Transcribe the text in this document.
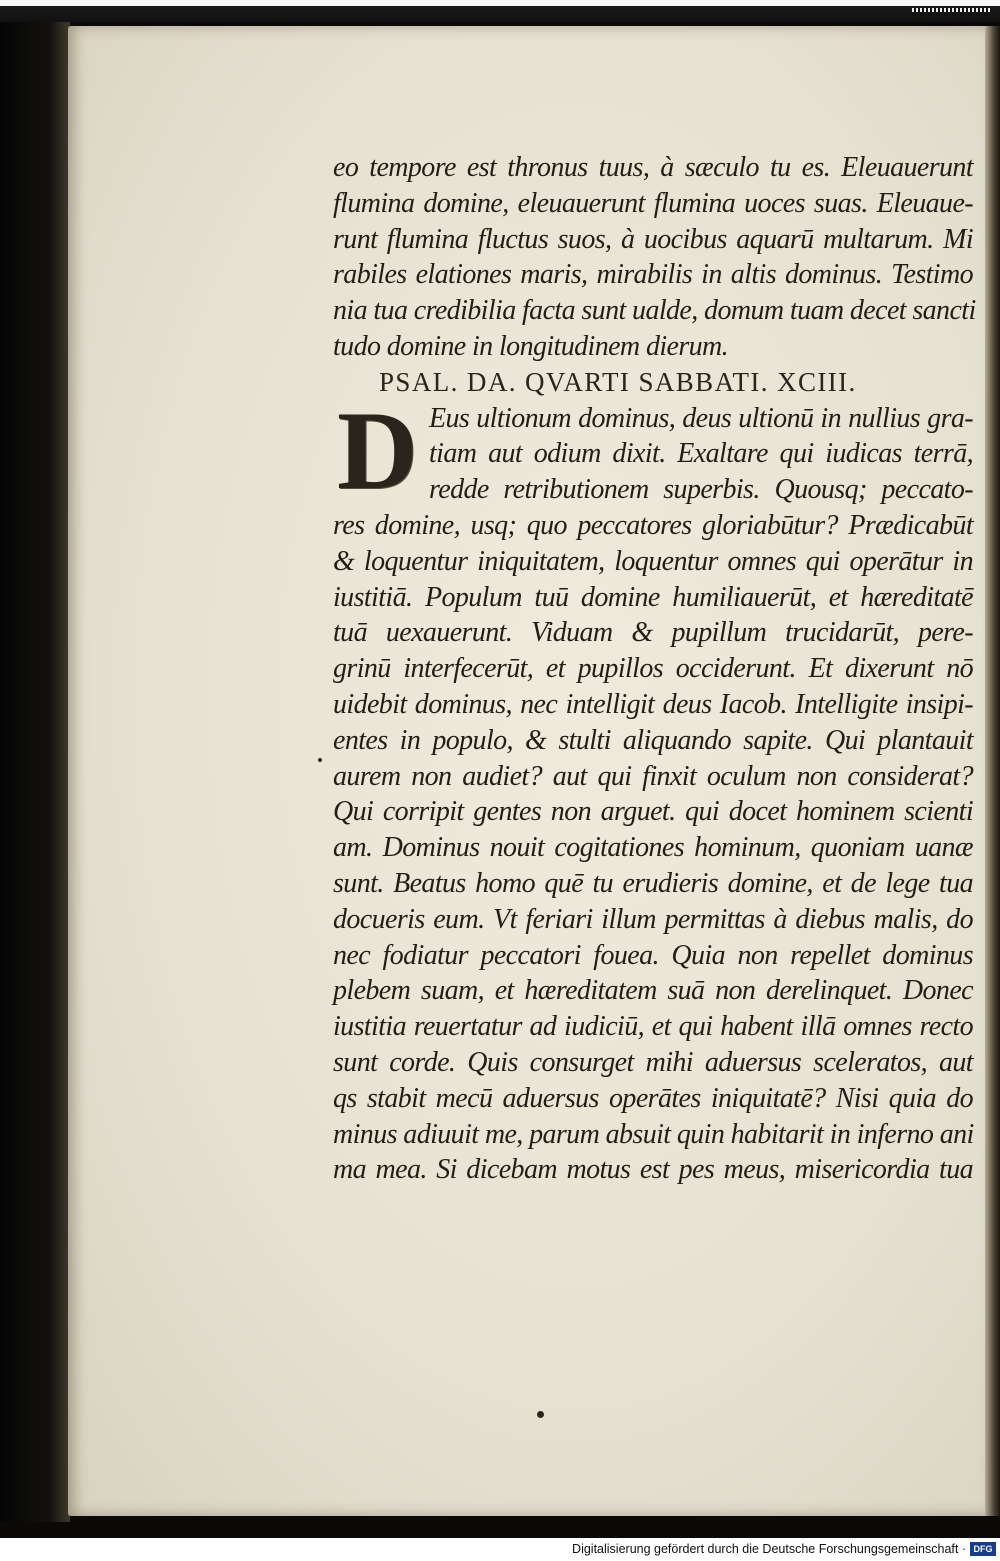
eo tempore est thronus tuus, à sæculo tu es. Eleuauerunt
flumina domine, eleuauerunt flumina uoces suas. Eleuaue-
runt flumina fluctus suos, à uocibus aquarū multarum. Mi
rabiles elationes maris, mirabilis in altis dominus. Testimo
nia tua credibilia facta sunt ualde, domum tuam decet sancti
tudo domine in longitudinem dierum.
PSAL. DA. QVARTI SABBATI. XCIII.
D Eus ultionum dominus, deus ultionū in nullius gra-
tiam aut odium dixit. Exaltare qui iudicas terrā,
redde retributionem superbis. Quousq; peccato-
res domine, usq; quo peccatores gloriabūtur? Prædicabūt
& loquentur iniquitatem, loquentur omnes qui operātur in
iustitiā. Populum tuū domine humiliauerūt, et hæreditatē
tuā uexauerunt. Viduam & pupillum trucidarūt, pere-
grinū interfecerūt, et pupillos occiderunt. Et dixerunt nō
uidebit dominus, nec intelligit deus Iacob. Intelligite insipi-
entes in populo, & stulti aliquando sapite. Qui plantauit
aurem non audiet? aut qui finxit oculum non considerat?
Qui corripit gentes non arguet. qui docet hominem scienti
am. Dominus nouit cogitationes hominum, quoniam uanæ
sunt. Beatus homo quē tu erudieris domine, et de lege tua
docueris eum. Vt feriari illum permittas à diebus malis, do
nec fodiatur peccatori fouea. Quia non repellet dominus
plebem suam, et hæreditatem suā non derelinquet. Donec
iustitia reuertatur ad iudiciū, et qui habent illā omnes recto
sunt corde. Quis consurget mihi aduersus sceleratos, aut
qs stabit mecū aduersus operātes iniquitatē? Nisi quia do
minus adiuuit me, parum absuit quin habitarit in inferno ani
ma mea. Si dicebam motus est pes meus, misericordia tua
Digitalisierung gefördert durch die Deutsche Forschungsgemeinschaft · DFG
